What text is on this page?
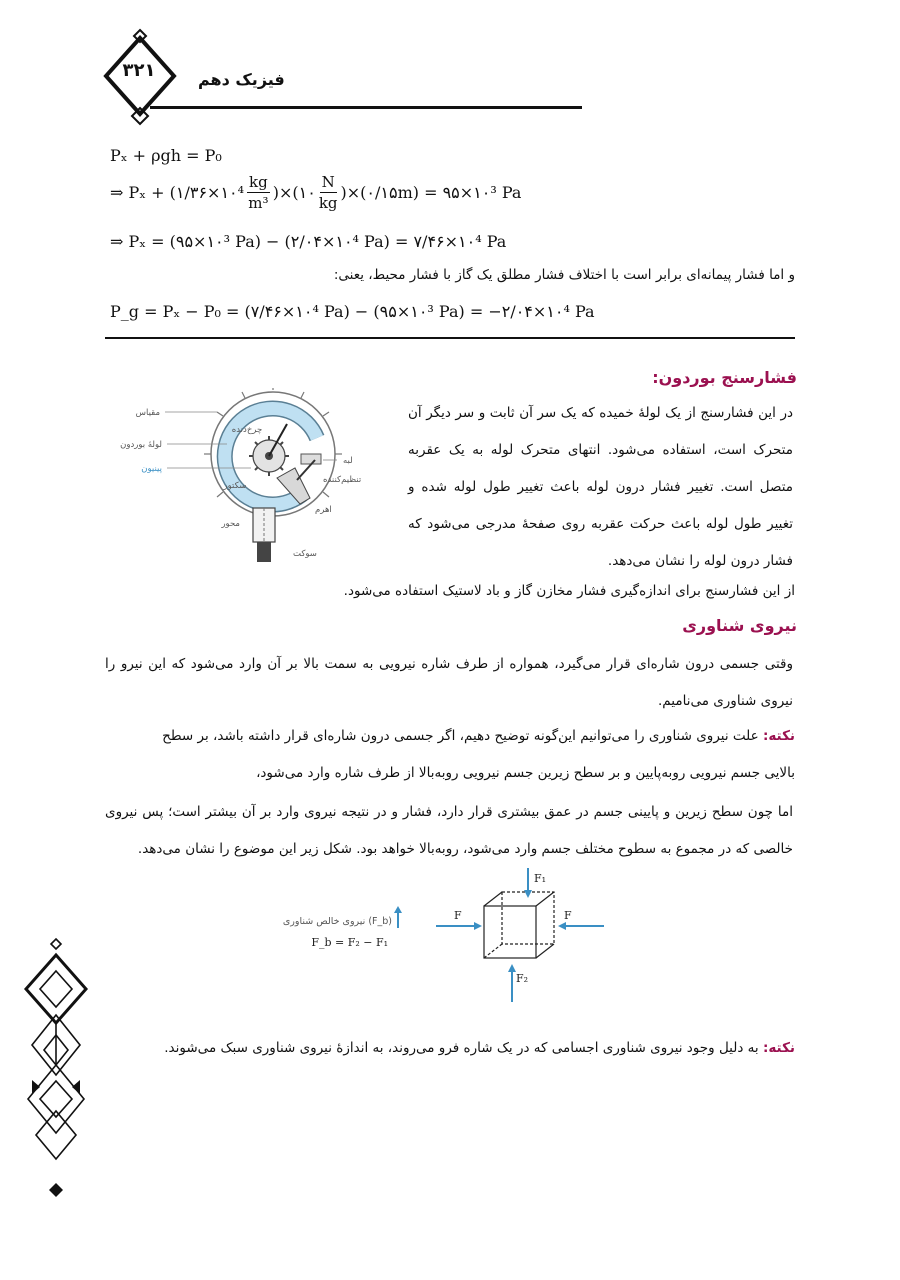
۳۲۱	فیزیک دهم
Pₓ + ρgh = P₀
⇒ Pₓ + (۱/۳۶×۱۰⁴ $\frac{kg}{\text{m³}}$ )×(۱۰ $\frac{N}{kg}$ )×(۰/۱۵m) = ۹۵×۱۰³ Pa
⇒ Pₓ = (۹۵×۱۰³ Pa) − (۲/۰۴×۱۰⁴ Pa) = ۷/۴۶×۱۰⁴ Pa
و اما فشار پیمانه‌ای برابر است با اختلاف فشار مطلق یک گاز با فشار محیط، یعنی:
P_g = Pₓ − P₀ = (۷/۴۶×۱۰⁴ Pa) − (۹۵×۱۰³ Pa) = −۲/۰۴×۱۰⁴ Pa
فشارسنج بوردون:
در این فشارسنج از یک لولهٔ خمیده که یک سر آن ثابت و سر دیگر آن متحرک است، استفاده می‌شود. انتهای متحرک لوله به یک عقربه متصل است. تغییر فشار درون لوله باعث تغییر طول لوله شده و تغییر طول لوله باعث حرکت عقربه روی صفحهٔ مدرجی می‌شود که فشار درون لوله را نشان می‌دهد.
مقیاس
لولهٔ بوردون
پینیون
چرخ‌دنده
سکتور
لبه
تنظیم‌کننده
اهرم
محور
سوکت
از این فشارسنج برای اندازه‌گیری فشار مخازن گاز و باد لاستیک استفاده می‌شود.
نیروی شناوری
وقتی جسمی درون شاره‌ای قرار می‌گیرد، همواره از طرف شاره نیرویی به سمت بالا بر آن وارد می‌شود که این نیرو را نیروی شناوری می‌نامیم.
نکته: علت نیروی شناوری را می‌توانیم این‌گونه توضیح دهیم، اگر جسمی درون شاره‌ای قرار داشته باشد، بر سطح
بالایی جسم نیرویی روبه‌پایین و بر سطح زیرین جسم نیرویی روبه‌بالا از طرف شاره وارد می‌شود،
اما چون سطح زیرین و پایینی جسم در عمق بیشتری قرار دارد، فشار و در نتیجه نیروی وارد بر آن بیشتر است؛ پس نیروی خالصی که در مجموع به سطوح مختلف جسم وارد می‌شود، روبه‌بالا خواهد بود. شکل زیر این موضوع را نشان می‌دهد.
نیروی خالص شناوری (F_b)
F_b = F₂ − F₁
F₁
F₂
F	F
نکته: به دلیل وجود نیروی شناوری اجسامی که در یک شاره فرو می‌روند، به اندازهٔ نیروی شناوری سبک می‌شوند.
